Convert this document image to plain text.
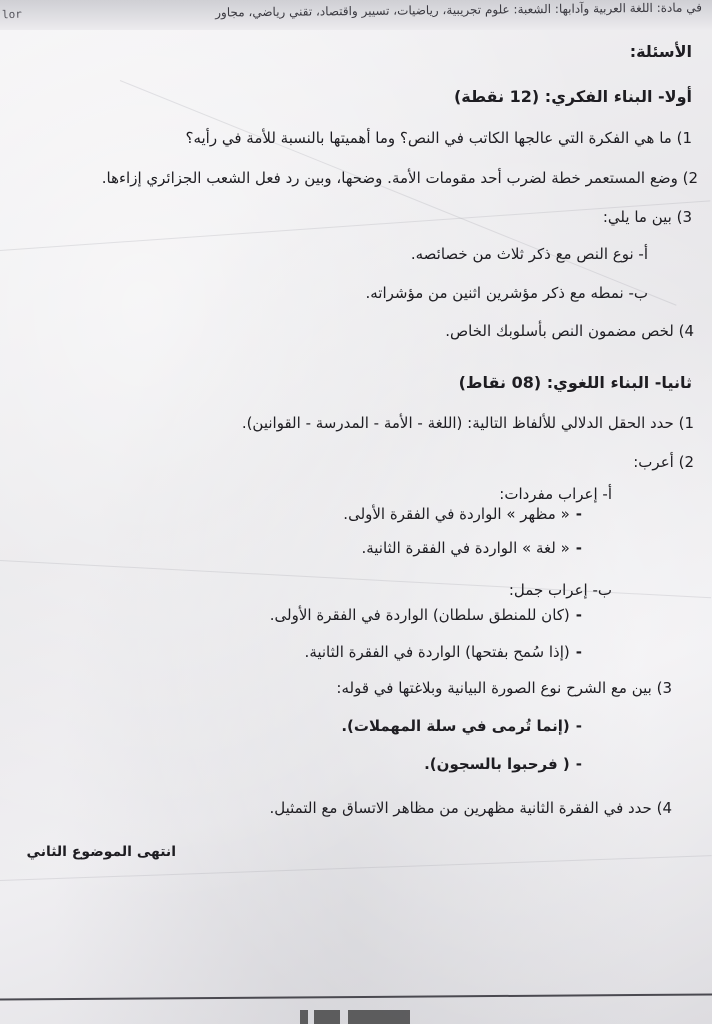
في مادة: اللغة العربية وآدابها: الشعبة: علوم تجريبية، رياضيات، تسيير واقتصاد، تقني رياضي، مجاور
lor
الأسئلة:
أولا- البناء الفكري: (12 نقطة)
1) ما هي الفكرة التي عالجها الكاتب في النص؟ وما أهميتها بالنسبة للأمة في رأيه؟
2) وضع المستعمر خطة لضرب أحد مقومات الأمة. وضحها، وبين رد فعل الشعب الجزائري إزاءها.
3) بين ما يلي:
أ- نوع النص مع ذكر ثلاث من خصائصه.
ب- نمطه مع ذكر مؤشرين اثنين من مؤشراته.
4) لخص مضمون النص بأسلوبك الخاص.
ثانيا- البناء اللغوي: (08 نقاط)
1) حدد الحقل الدلالي للألفاظ التالية: (اللغة - الأمة - المدرسة - القوانين).
2) أعرب:
أ- إعراب مفردات:
-« مظهر » الواردة في الفقرة الأولى.
-« لغة » الواردة في الفقرة الثانية.
ب- إعراب جمل:
-(كان للمنطق سلطان) الواردة في الفقرة الأولى.
-(إذا سُمح بفتحها) الواردة في الفقرة الثانية.
3) بين مع الشرح نوع الصورة البيانية وبلاغتها في قوله:
-(إنما تُرمى في سلة المهملات).
-( فرحبوا بالسجون).
4) حدد في الفقرة الثانية مظهرين من مظاهر الاتساق مع التمثيل.
انتهى الموضوع الثاني
